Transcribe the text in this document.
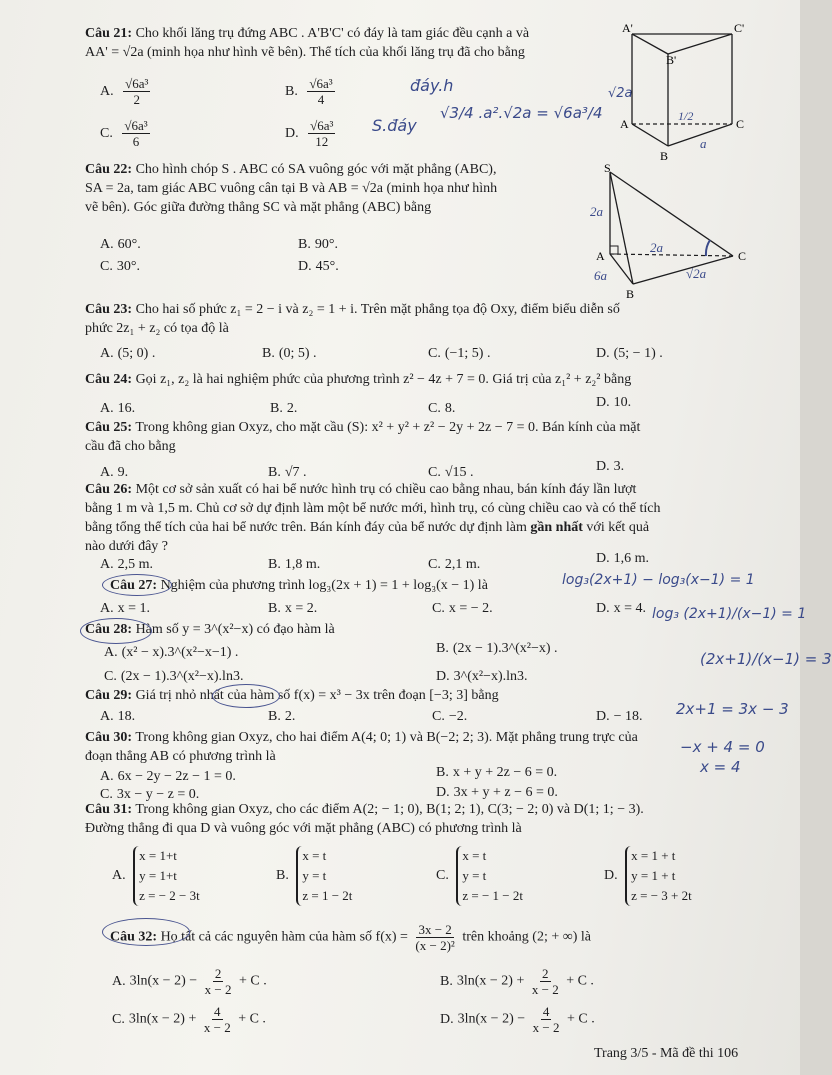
Câu 21: Cho khối lăng trụ đứng ABC . A'B'C' có đáy là tam giác đều cạnh a và
AA' = √2a (minh họa như hình vẽ bên). Thể tích của khối lăng trụ đã cho bằng
A. $\frac{\text{√6a³}}{2}$	B. $\frac{\text{√6a³}}{4}$
C. $\frac{\text{√6a³}}{6}$	D. $\frac{\text{√6a³}}{12}$
đáy.h
S.đáy
√3/4 .a².√2a = √6a³/4
√2a
A'	C'
B'
A	C
B
1/2
a
Câu 22: Cho hình chóp S . ABC có SA vuông góc với mặt phẳng (ABC),
SA = 2a, tam giác ABC vuông cân tại B và AB = √2a (minh họa như hình
vẽ bên). Góc giữa đường thẳng SC và mặt phẳng (ABC) bằng
A. 60°.	B. 90°.
C. 30°.	D. 45°.
S
A
B
C
2a
2a
6a	√2a
Câu 23: Cho hai số phức z₁ = 2 − i và z₂ = 1 + i. Trên mặt phẳng tọa độ Oxy, điểm biểu diễn số
phức 2z₁ + z₂ có tọa độ là
A. (5; 0) .	B. (0; 5) .	C. (−1; 5) .	D. (5; − 1) .
Câu 24: Gọi z₁, z₂ là hai nghiệm phức của phương trình z² − 4z + 7 = 0. Giá trị của z₁² + z₂² bằng
A. 16.	B. 2.	C. 8.	D. 10.
Câu 25: Trong không gian Oxyz, cho mặt cầu (S): x² + y² + z² − 2y + 2z − 7 = 0. Bán kính của mặt
cầu đã cho bằng
A. 9.	B. √7 .	C. √15 .	D. 3.
Câu 26: Một cơ sở sản xuất có hai bể nước hình trụ có chiều cao bằng nhau, bán kính đáy lần lượt
bằng 1 m và 1,5 m. Chủ cơ sở dự định làm một bể nước mới, hình trụ, có cùng chiều cao và có thể tích
bằng tổng thể tích của hai bể nước trên. Bán kính đáy của bể nước dự định làm gần nhất với kết quả
nào dưới đây ?
A. 2,5 m.	B. 1,8 m.	C. 2,1 m.	D. 1,6 m.
Câu 27: Nghiệm của phương trình log₃(2x + 1) = 1 + log₃(x − 1) là
A. x = 1.	B. x = 2.	C. x = − 2.	D. x = 4.
log₃(2x+1) − log₃(x−1) = 1
log₃ (2x+1)/(x−1) = 1
(2x+1)/(x−1) = 3
2x+1 = 3x − 3
−x + 4 = 0
x = 4
Câu 28: Hàm số y = 3^(x²−x) có đạo hàm là
A. (x² − x).3^(x²−x−1) .	B. (2x − 1).3^(x²−x) .
C. (2x − 1).3^(x²−x).ln3.	D. 3^(x²−x).ln3.
Câu 29: Giá trị nhỏ nhất của hàm số f(x) = x³ − 3x trên đoạn [−3; 3] bằng
A. 18.	B. 2.	C. −2.	D. − 18.
Câu 30: Trong không gian Oxyz, cho hai điểm A(4; 0; 1) và B(−2; 2; 3). Mặt phẳng trung trực của
đoạn thẳng AB có phương trình là
A. 6x − 2y − 2z − 1 = 0.	B. x + y + 2z − 6 = 0.
C. 3x − y − z = 0.	D. 3x + y + z − 6 = 0.
Câu 31: Trong không gian Oxyz, cho các điểm A(2; − 1; 0), B(1; 2; 1), C(3; − 2; 0) và D(1; 1; − 3).
Đường thẳng đi qua D và vuông góc với mặt phẳng (ABC) có phương trình là
A. x = 1+t
y = 1+t
z = − 2 − 3t
B. x = t
y = t
z = 1 − 2t
C. x = t
y = t
z = − 1 − 2t
D. x = 1 + t
y = 1 + t
z = − 3 + 2t
Câu 32: Họ tất cả các nguyên hàm của hàm số $f(x) = \frac{3x - 2}{\text{(x − 2)²}}$ trên khoảng (2; + ∞) là
A. $3\ln(x - 2) - \frac{2}{x - 2} + C$ .	B. $3\ln(x - 2) + \frac{2}{x - 2} + C$ .
C. $3\ln(x - 2) + \frac{4}{x - 2} + C$ .	D. $3\ln(x - 2) - \frac{4}{x - 2} + C$ .
Trang 3/5 - Mã đề thi 106
